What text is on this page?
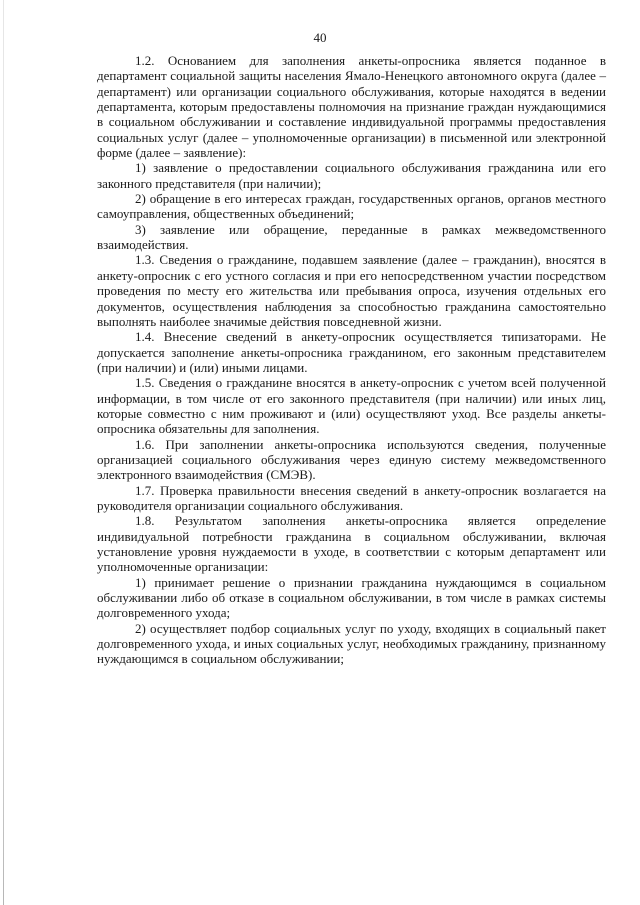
40

1.2. Основанием для заполнения анкеты-опросника является поданное в департамент социальной защиты населения Ямало-Ненецкого автономного округа (далее – департамент) или организации социального обслуживания, которые находятся в ведении департамента, которым предоставлены полномочия на признание граждан нуждающимися в социальном обслуживании и составление индивидуальной программы предоставления социальных услуг (далее – уполномоченные организации) в письменной или электронной форме (далее – заявление):

1) заявление о предоставлении социального обслуживания гражданина или его законного представителя (при наличии);

2) обращение в его интересах граждан, государственных органов, органов местного самоуправления, общественных объединений;

3) заявление или обращение, переданные в рамках межведомственного взаимодействия.

1.3. Сведения о гражданине, подавшем заявление (далее – гражданин), вносятся в анкету-опросник с его устного согласия и при его непосредственном участии посредством проведения по месту его жительства или пребывания опроса, изучения отдельных его документов, осуществления наблюдения за способностью гражданина самостоятельно выполнять наиболее значимые действия повседневной жизни.

1.4. Внесение сведений в анкету-опросник осуществляется типизаторами. Не допускается заполнение анкеты-опросника гражданином, его законным представителем (при наличии) и (или) иными лицами.

1.5. Сведения о гражданине вносятся в анкету-опросник с учетом всей полученной информации, в том числе от его законного представителя (при наличии) или иных лиц, которые совместно с ним проживают и (или) осуществляют уход. Все разделы анкеты-опросника обязательны для заполнения.

1.6. При заполнении анкеты-опросника используются сведения, полученные организацией социального обслуживания через единую систему межведомственного электронного взаимодействия (СМЭВ).

1.7. Проверка правильности внесения сведений в анкету-опросник возлагается на руководителя организации социального обслуживания.

1.8. Результатом заполнения анкеты-опросника является определение индивидуальной потребности гражданина в социальном обслуживании, включая установление уровня нуждаемости в уходе, в соответствии с которым департамент или уполномоченные организации:

1) принимает решение о признании гражданина нуждающимся в социальном обслуживании либо об отказе в социальном обслуживании, в том числе в рамках системы долговременного ухода;

2) осуществляет подбор социальных услуг по уходу, входящих в социальный пакет долговременного ухода, и иных социальных услуг, необходимых гражданину, признанному нуждающимся в социальном обслуживании;
